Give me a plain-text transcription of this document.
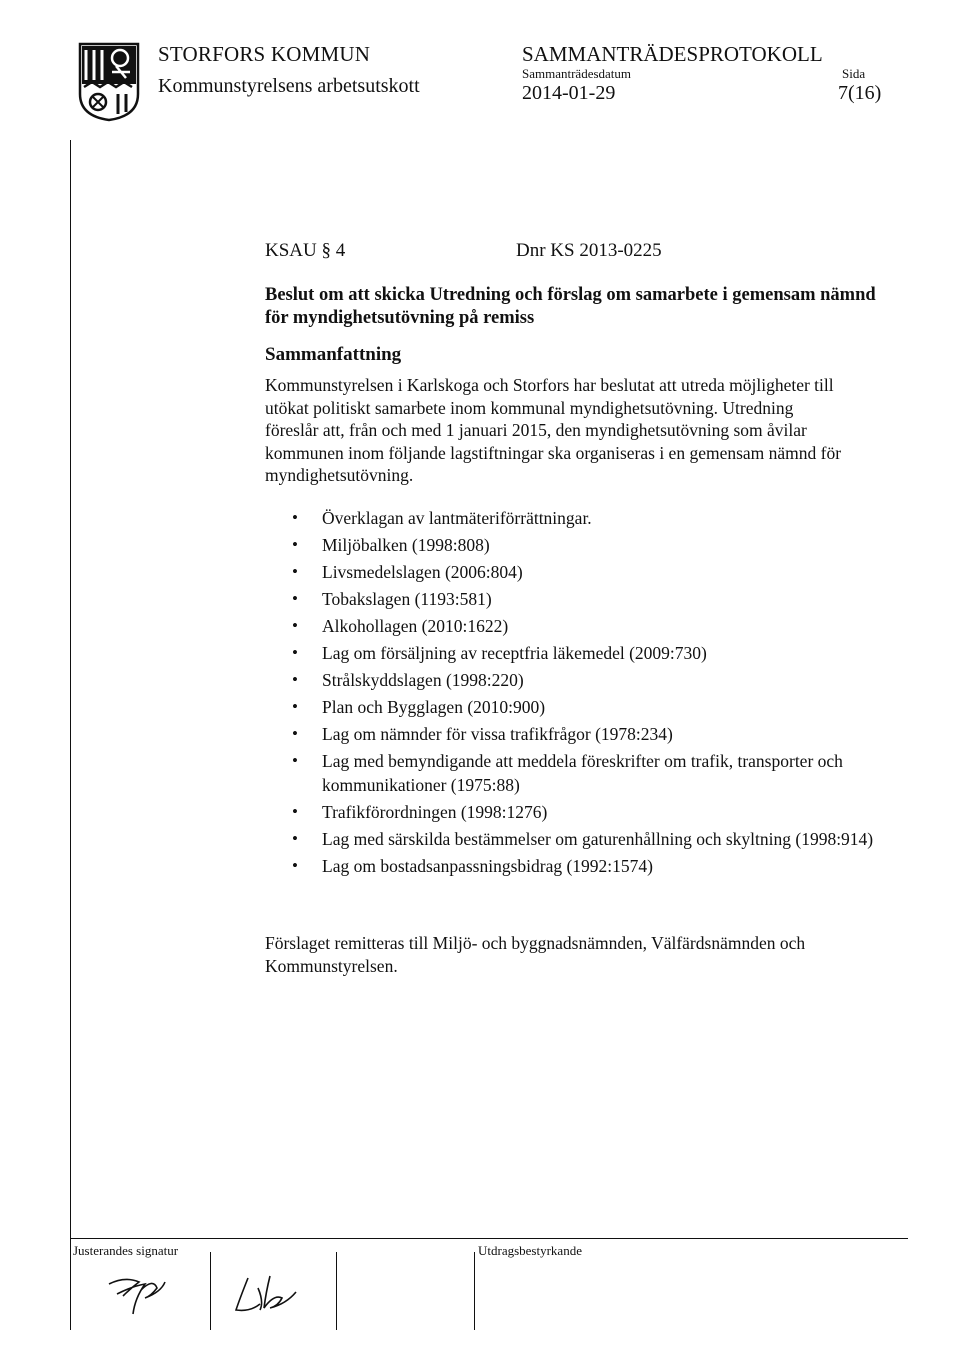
STORFORS KOMMUN
Kommunstyrelsens arbetsutskott
SAMMANTRÄDESPROTOKOLL
Sammanträdesdatum	Sida
2014-01-29	7(16)
KSAU § 4	Dnr KS 2013-0225
Beslut om att skicka Utredning och förslag om samarbete i gemensam nämnd
för myndighetsutövning på remiss
Sammanfattning
Kommunstyrelsen i Karlskoga och Storfors har beslutat att utreda möjligheter till
utökat politiskt samarbete inom kommunal myndighetsutövning. Utredning
föreslår att, från och med 1 januari 2015, den myndighetsutövning som åvilar
kommunen inom följande lagstiftningar ska organiseras i en gemensam nämnd för
myndighetsutövning.
• Överklagan av lantmäteriförrättningar.
• Miljöbalken (1998:808)
• Livsmedelslagen (2006:804)
• Tobakslagen (1193:581)
• Alkohollagen (2010:1622)
• Lag om försäljning av receptfria läkemedel (2009:730)
• Strålskyddslagen (1998:220)
• Plan och Bygglagen (2010:900)
• Lag om nämnder för vissa trafikfrågor (1978:234)
• Lag med bemyndigande att meddela föreskrifter om trafik, transporter och kommunikationer (1975:88)
• Trafikförordningen (1998:1276)
• Lag med särskilda bestämmelser om gaturenhållning och skyltning (1998:914)
• Lag om bostadsanpassningsbidrag (1992:1574)
Förslaget remitteras till Miljö- och byggnadsnämnden, Välfärdsnämnden och
Kommunstyrelsen.
Justerandes signatur	Utdragsbestyrkande
